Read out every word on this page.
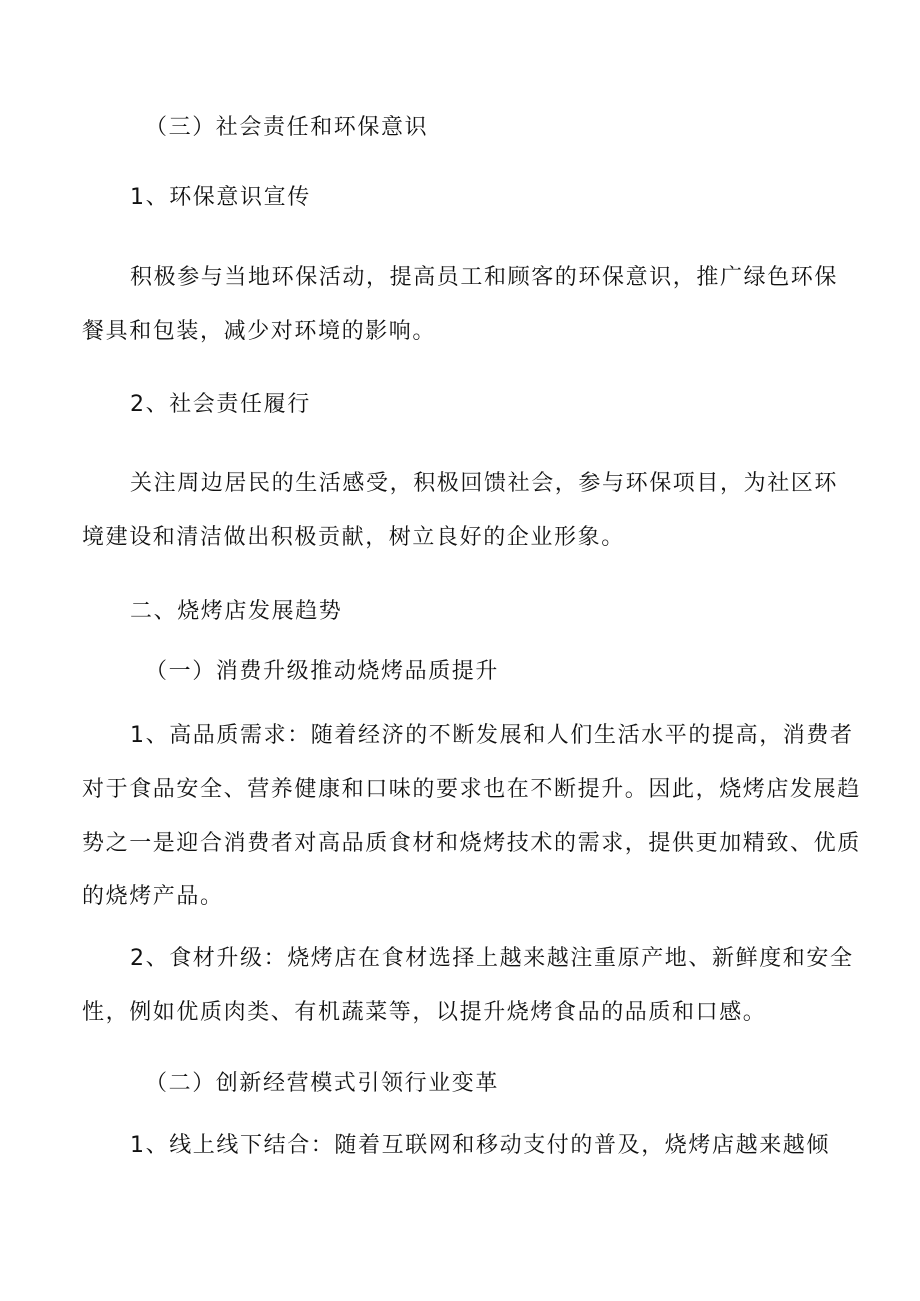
（三）社会责任和环保意识
1、环保意识宣传
积极参与当地环保活动，提高员工和顾客的环保意识，推广绿色环保
餐具和包装，减少对环境的影响。
2、社会责任履行
关注周边居民的生活感受，积极回馈社会，参与环保项目，为社区环
境建设和清洁做出积极贡献，树立良好的企业形象。
二、烧烤店发展趋势
（一）消费升级推动烧烤品质提升
1、高品质需求：随着经济的不断发展和人们生活水平的提高，消费者
对于食品安全、营养健康和口味的要求也在不断提升。因此，烧烤店发展趋
势之一是迎合消费者对高品质食材和烧烤技术的需求，提供更加精致、优质
的烧烤产品。
2、食材升级：烧烤店在食材选择上越来越注重原产地、新鲜度和安全
性，例如优质肉类、有机蔬菜等，以提升烧烤食品的品质和口感。
（二）创新经营模式引领行业变革
1、线上线下结合：随着互联网和移动支付的普及，烧烤店越来越倾
